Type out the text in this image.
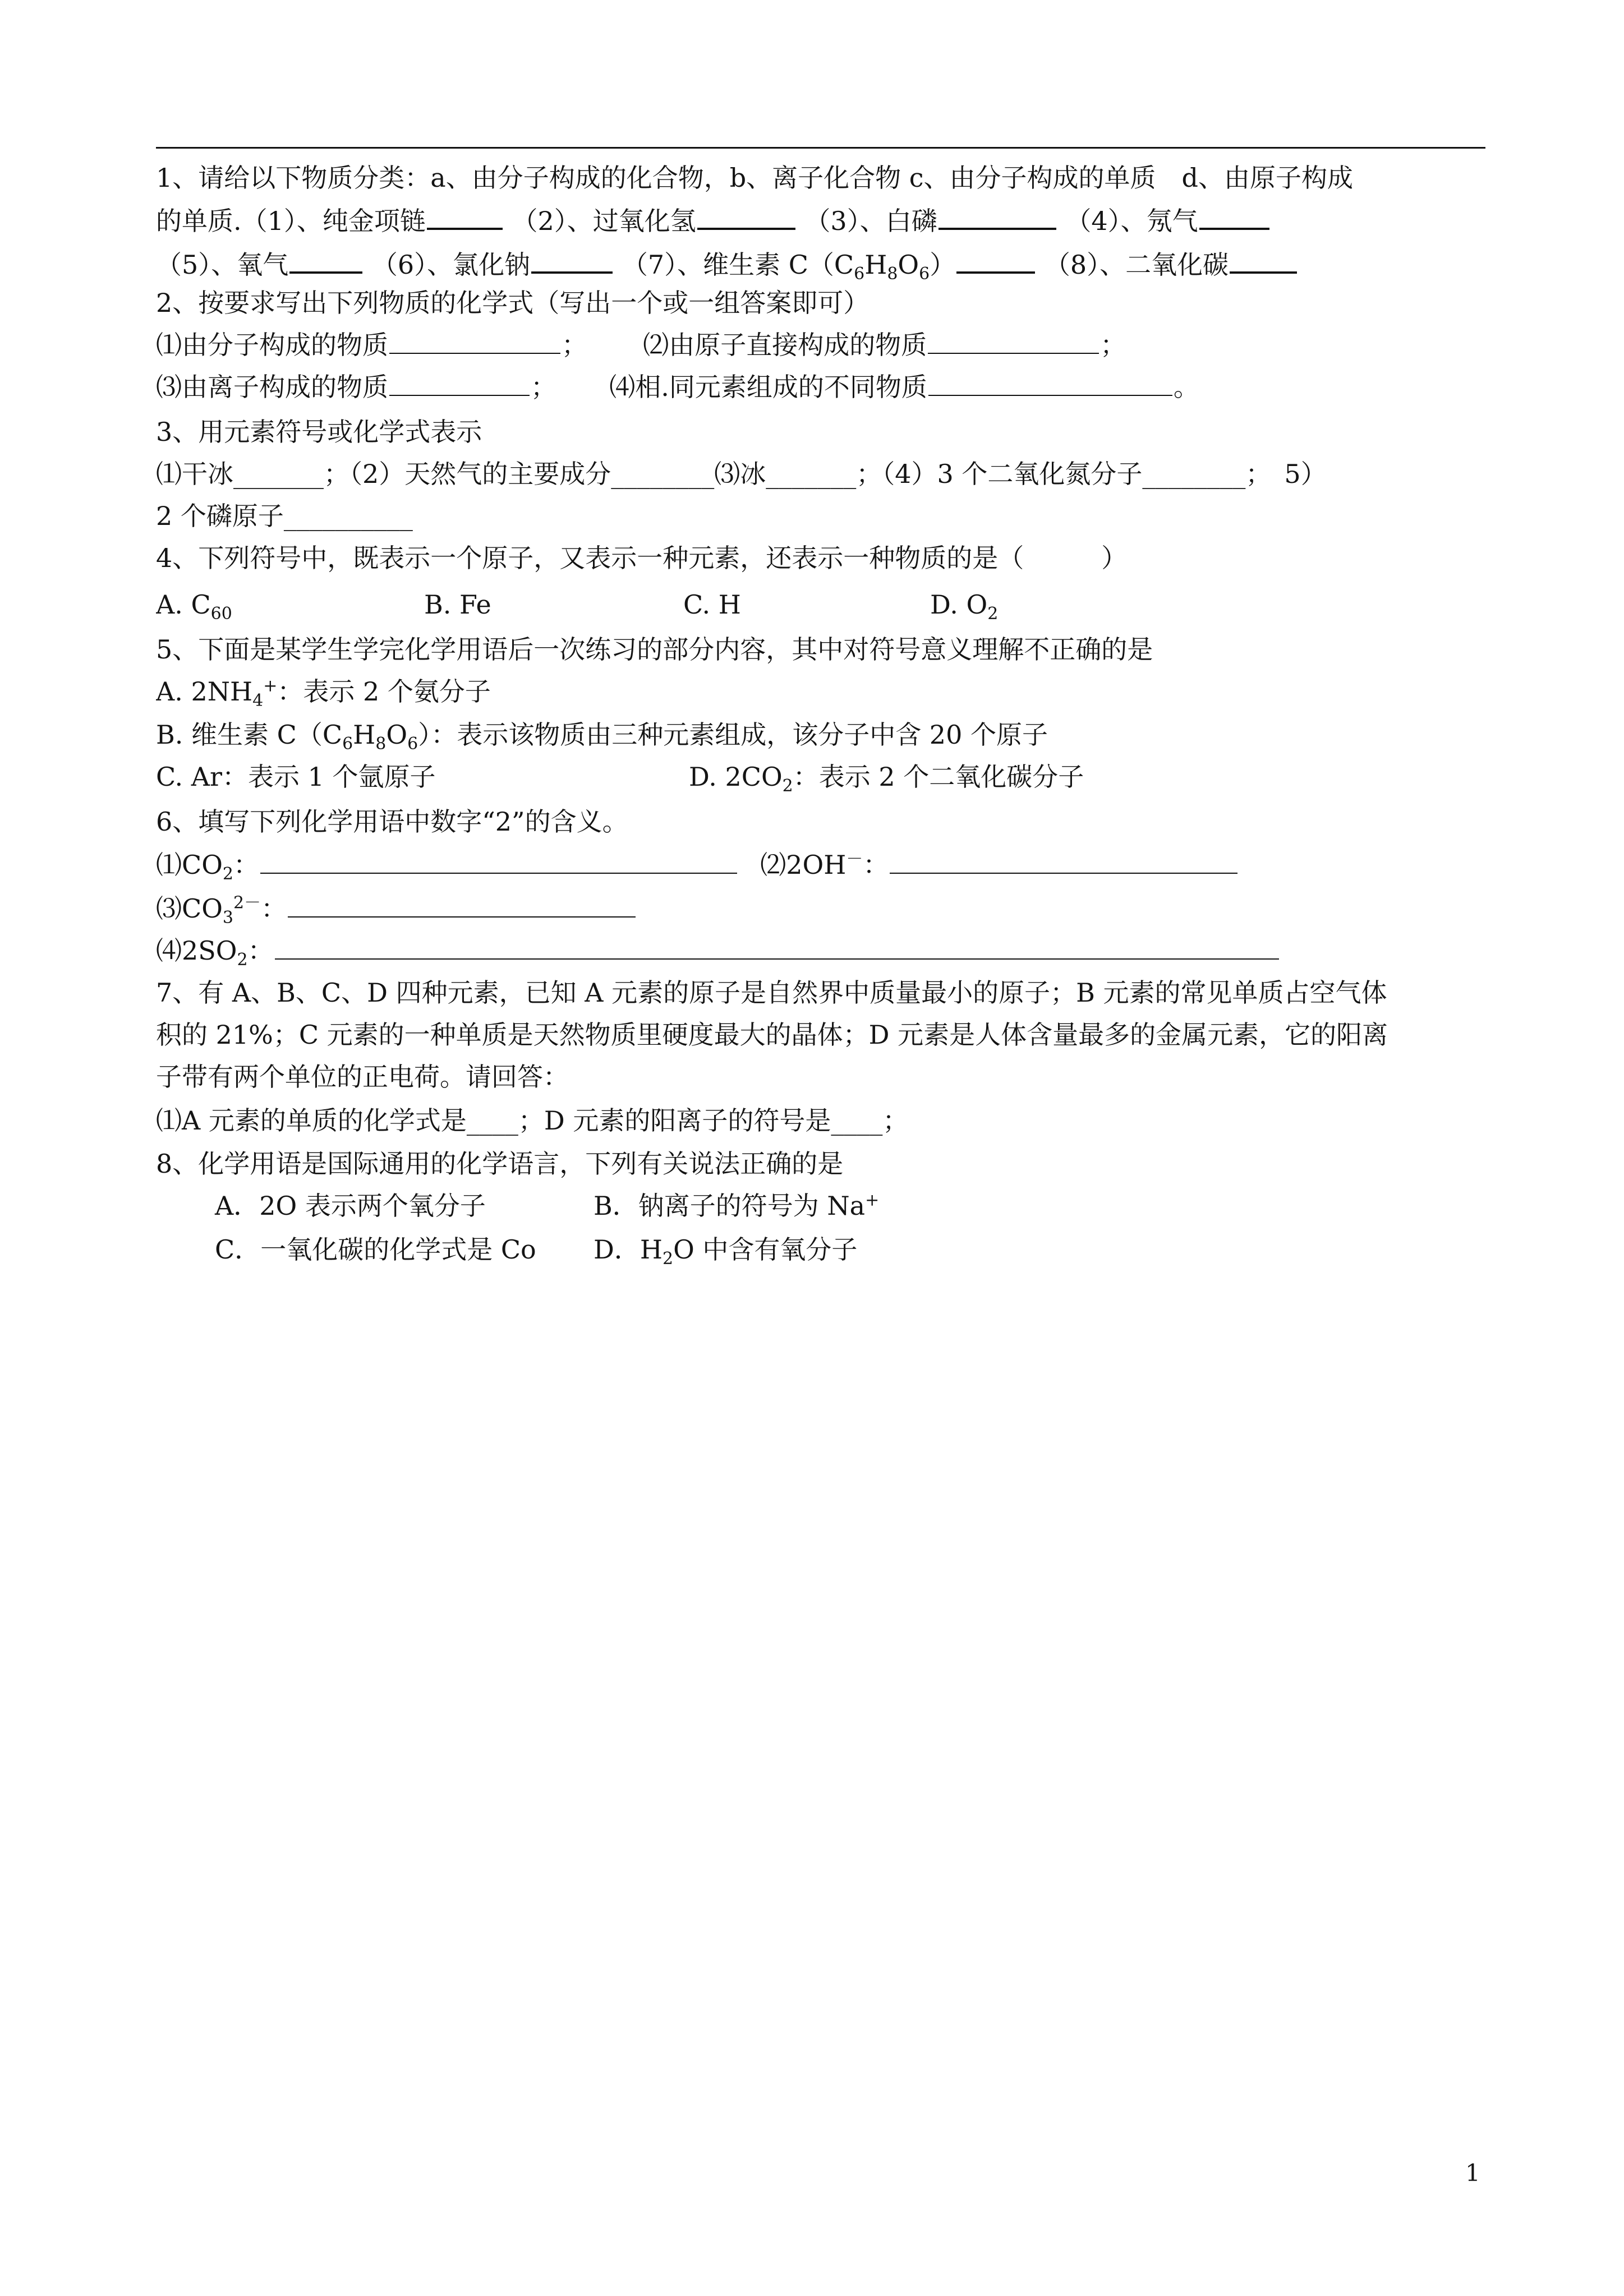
1、请给以下物质分类：a、由分子构成的化合物，b、离子化合物 c、由分子构成的单质　d、由原子构成
的单质.（1）、纯金项链	（2）、过氧化氢	（3）、白磷	（4）、氖气
（5）、氧气	（6）、氯化钠	（7）、维生素 $C(C_6H_8O_6)$	（8）、二氧化碳
2、按要求写出下列物质的化学式（写出一个或一组答案即可）
⑴由分子构成的物质	； ⑵由原子直接构成的物质	；
⑶由离子构成的物质	； ⑷相.同元素组成的不同物质	。
3、用元素符号或化学式表示
⑴干冰_______；（2）天然气的主要成分________⑶冰_______；（4）3 个二氧化氮分子________；　5）
2 个磷原子__________
4、下列符号中，既表示一个原子，又表示一种元素，还表示一种物质的是（　　　）
A. $C_{60}$	B. Fe	C. H	D. $O_2$
5、下面是某学生学完化学用语后一次练习的部分内容，其中对符号意义理解不正确的是
A. $2NH_4^+$：表示 2 个氨分子
B. 维生素 $C(C_6H_8O_6)$：表示该物质由三种元素组成，该分子中含 20 个原子
C. Ar：表示 1 个氩原子	D. $2CO_2$：表示 2 个二氧化碳分子
6、填写下列化学用语中数字“2”的含义。
$⑴CO_2$：	⑵2OH－：
$⑶CO_3^{2-}$：
$⑷2SO_2$：
7、有 A、B、C、D 四种元素，已知 A 元素的原子是自然界中质量最小的原子；B 元素的常见单质占空气体
积的 21%；C 元素的一种单质是天然物质里硬度最大的晶体；D 元素是人体含量最多的金属元素，它的阳离
子带有两个单位的正电荷。请回答：
⑴A 元素的单质的化学式是____；D 元素的阳离子的符号是____；
8、化学用语是国际通用的化学语言，下列有关说法正确的是
A．2O 表示两个氧分子	B．钠离子的符号为 Na+
C．一氧化碳的化学式是 Co D．$H_2O$ 中含有氧分子
1
